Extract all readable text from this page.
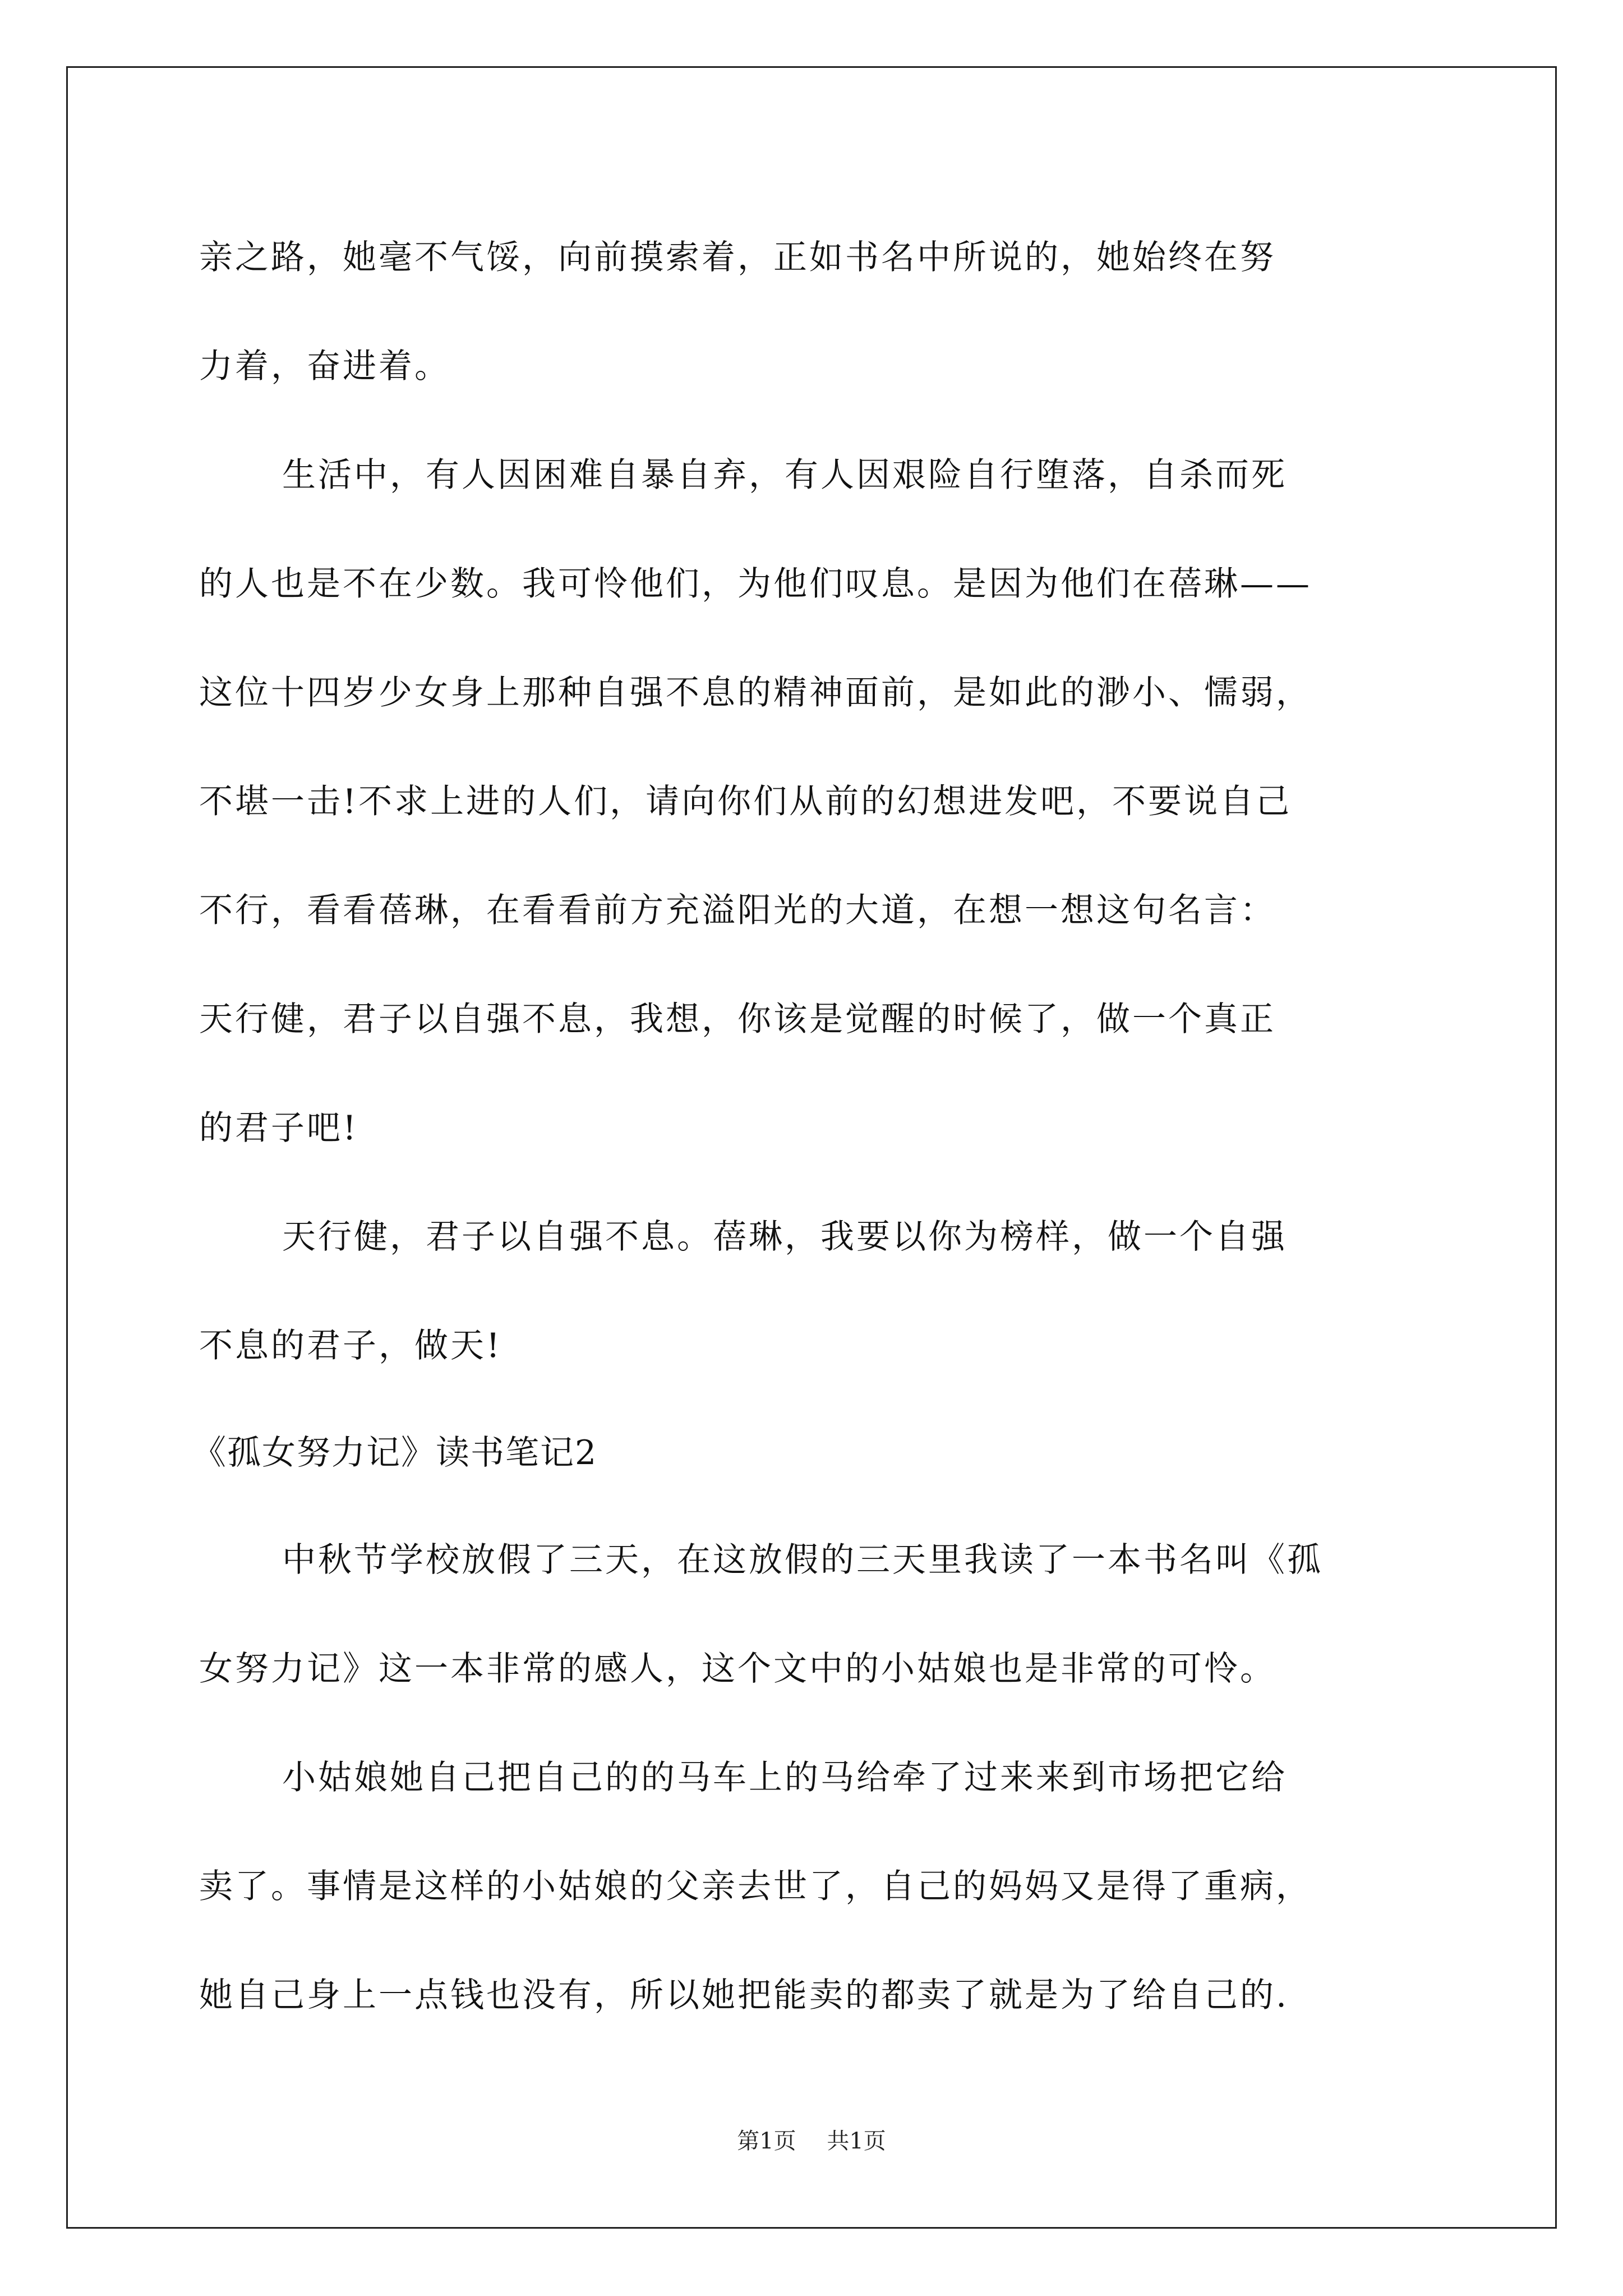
亲之路，她毫不气馁，向前摸索着，正如书名中所说的，她始终在努
力着，奋进着。
生活中，有人因困难自暴自弃，有人因艰险自行堕落，自杀而死
的人也是不在少数。我可怜他们，为他们叹息。是因为他们在蓓琳——
这位十四岁少女身上那种自强不息的精神面前，是如此的渺小、懦弱，
不堪一击!不求上进的人们，请向你们从前的幻想进发吧，不要说自己
不行，看看蓓琳，在看看前方充溢阳光的大道，在想一想这句名言：
天行健，君子以自强不息，我想，你该是觉醒的时候了，做一个真正
的君子吧!
天行健，君子以自强不息。蓓琳，我要以你为榜样，做一个自强
不息的君子，做天!
《孤女努力记》读书笔记2
中秋节学校放假了三天，在这放假的三天里我读了一本书名叫《孤
女努力记》这一本非常的感人，这个文中的小姑娘也是非常的可怜。
小姑娘她自己把自己的的马车上的马给牵了过来来到市场把它给
卖了。事情是这样的小姑娘的父亲去世了，自己的妈妈又是得了重病，
她自己身上一点钱也没有，所以她把能卖的都卖了就是为了给自己的.
第1页 共1页
